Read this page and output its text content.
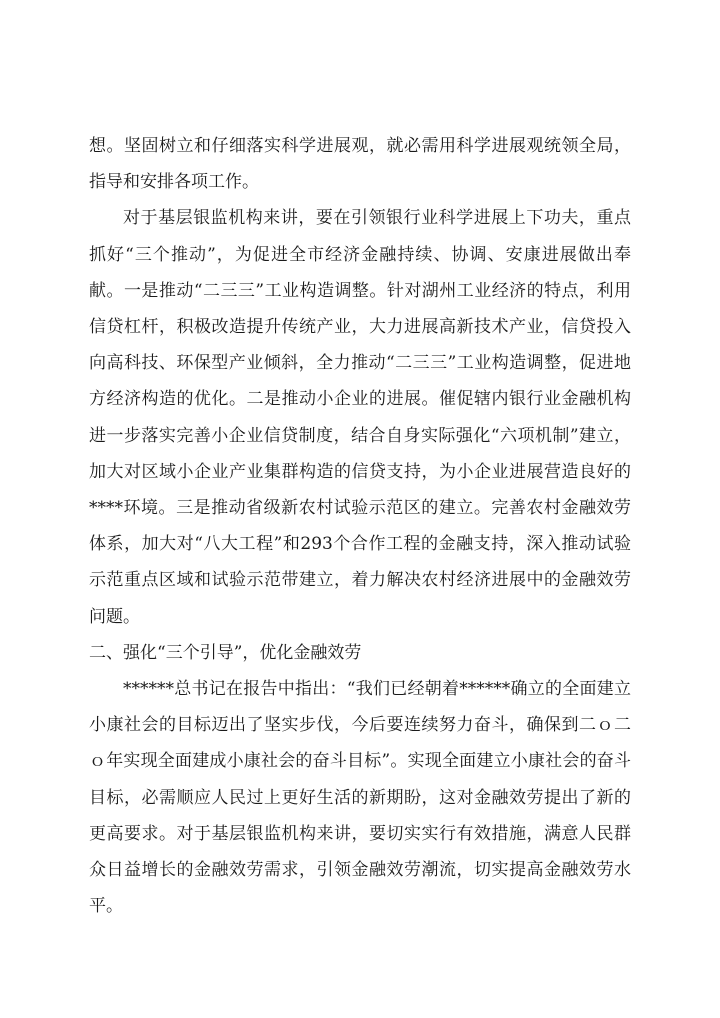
想。坚固树立和仔细落实科学进展观，就必需用科学进展观统领全局，指导和安排各项工作。

对于基层银监机构来讲，要在引领银行业科学进展上下功夫，重点抓好“三个推动”，为促进全市经济金融持续、协调、安康进展做出奉献。一是推动“二三三”工业构造调整。针对湖州工业经济的特点，利用信贷杠杆，积极改造提升传统产业，大力进展高新技术产业，信贷投入向高科技、环保型产业倾斜，全力推动“二三三”工业构造调整，促进地方经济构造的优化。二是推动小企业的进展。催促辖内银行业金融机构进一步落实完善小企业信贷制度，结合自身实际强化“六项机制”建立，加大对区域小企业产业集群构造的信贷支持，为小企业进展营造良好的****环境。三是推动省级新农村试验示范区的建立。完善农村金融效劳体系，加大对“八大工程”和293个合作工程的金融支持，深入推动试验示范重点区域和试验示范带建立，着力解决农村经济进展中的金融效劳问题。

二、强化“三个引导”，优化金融效劳

******总书记在报告中指出：“我们已经朝着******确立的全面建立小康社会的目标迈出了坚实步伐，今后要连续努力奋斗，确保到二ｏ二ｏ年实现全面建成小康社会的奋斗目标”。实现全面建立小康社会的奋斗目标，必需顺应人民过上更好生活的新期盼，这对金融效劳提出了新的更高要求。对于基层银监机构来讲，要切实实行有效措施，满意人民群众日益增长的金融效劳需求，引领金融效劳潮流，切实提高金融效劳水平。
